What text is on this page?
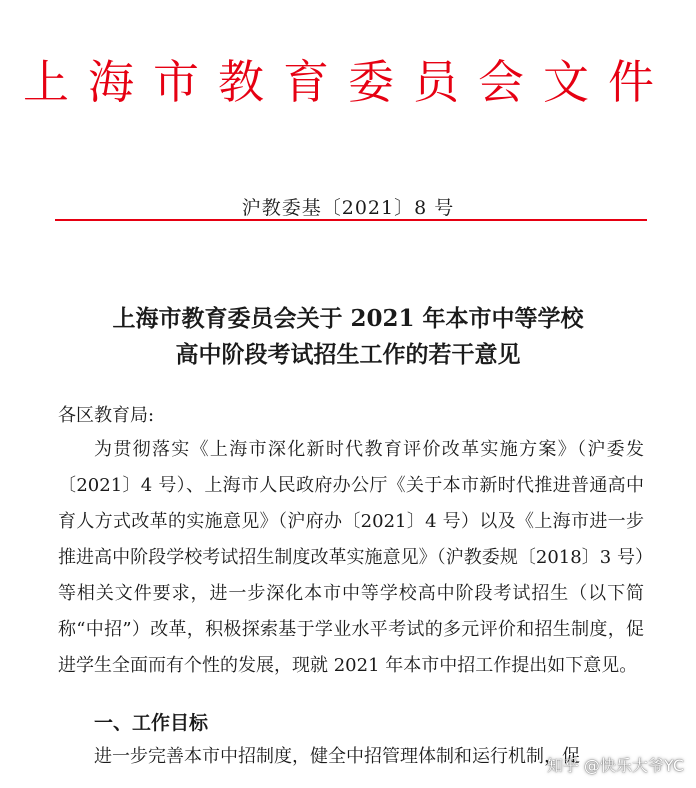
上海市教育委员会文件
沪教委基〔2021〕8 号
上海市教育委员会关于 2021 年本市中等学校
高中阶段考试招生工作的若干意见
各区教育局:
为贯彻落实《上海市深化新时代教育评价改革实施方案》（沪委发〔2021〕4 号）、上海市人民政府办公厅《关于本市新时代推进普通高中育人方式改革的实施意见》（沪府办〔2021〕4 号）以及《上海市进一步推进高中阶段学校考试招生制度改革实施意见》（沪教委规〔2018〕3 号）等相关文件要求，进一步深化本市中等学校高中阶段考试招生（以下简称“中招”）改革，积极探索基于学业水平考试的多元评价和招生制度，促进学生全面而有个性的发展，现就 2021 年本市中招工作提出如下意见。
一、工作目标
进一步完善本市中招制度，健全中招管理体制和运行机制，促
知乎 @快乐大爷YC
